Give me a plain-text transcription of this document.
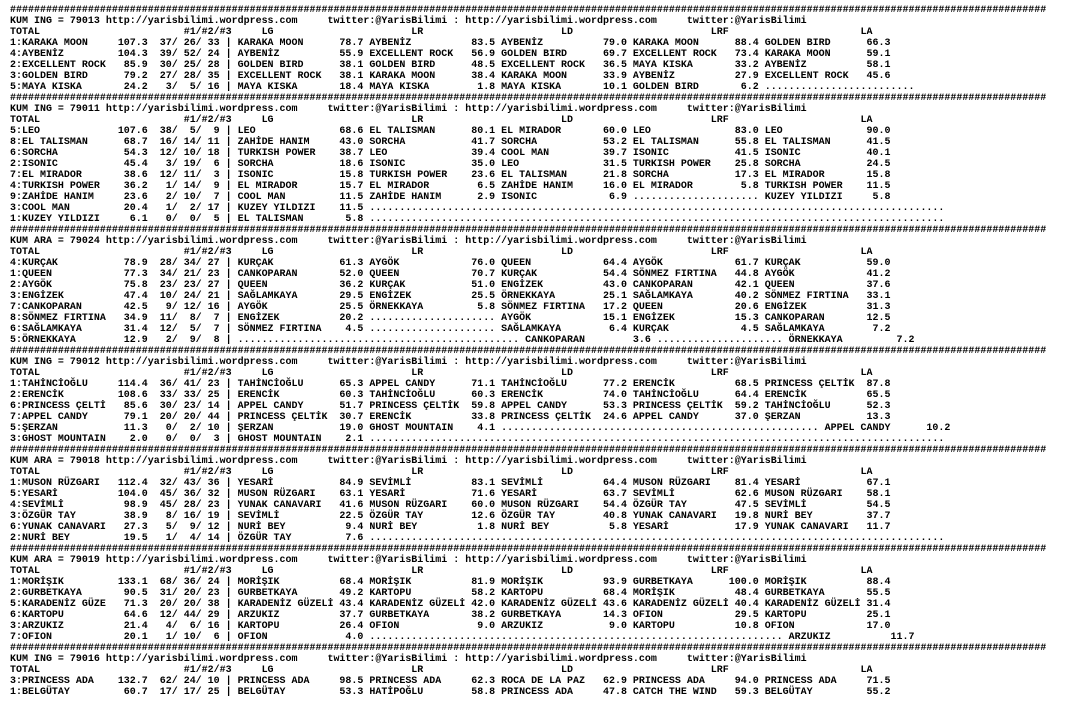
#############################################################################################################################################################################
KUM ING = 79013 http://yarisbilimi.wordpress.com     twitter:@YarisBilimi : http://yarisbilimi.wordpress.com     twitter:@YarisBilimi
TOTAL                        #1/#2/#3     LG                       LR                       LD                       LRF                      LA
1:KARAKA MOON     107.3  37/ 26/ 33 | KARAKA MOON      78.7 AYBENİZ          83.5 AYBENİZ          79.0 KARAKA MOON      88.4 GOLDEN BIRD      66.3
4:AYBENİZ         104.3  39/ 52/ 24 | AYBENİZ          55.9 EXCELLENT ROCK   56.9 GOLDEN BIRD      69.7 EXCELLENT ROCK   73.4 KARAKA MOON      59.1
2:EXCELLENT ROCK   85.9  30/ 25/ 28 | GOLDEN BIRD      38.1 GOLDEN BIRD      48.5 EXCELLENT ROCK   36.5 MAYA KISKA       33.2 AYBENİZ          58.1
3:GOLDEN BIRD      79.2  27/ 28/ 35 | EXCELLENT ROCK   38.1 KARAKA MOON      38.4 KARAKA MOON      33.9 AYBENİZ          27.9 EXCELLENT ROCK   45.6
5:MAYA KISKA       24.2   3/  5/ 16 | MAYA KISKA       18.4 MAYA KISKA        1.8 MAYA KISKA       10.1 GOLDEN BIRD       6.2 .........................
#############################################################################################################################################################################
KUM ING = 79011 http://yarisbilimi.wordpress.com     twitter:@YarisBilimi : http://yarisbilimi.wordpress.com     twitter:@YarisBilimi
TOTAL                        #1/#2/#3     LG                       LR                       LD                       LRF                      LA
5:LEO             107.6  38/  5/  9 | LEO              68.6 EL TALISMAN      80.1 EL MIRADOR       60.0 LEO              83.0 LEO              90.0
8:EL TALISMAN      68.7  16/ 14/ 11 | ZAHİDE HANIM     43.0 SORCHA           41.7 SORCHA           53.2 EL TALISMAN      55.8 EL TALISMAN      41.5
6:SORCHA           54.3  12/ 10/ 18 | TURKISH POWER    38.7 LEO              39.4 COOL MAN         39.7 ISONIC           41.5 ISONIC           40.1
2:ISONIC           45.4   3/ 19/  6 | SORCHA           18.6 ISONIC           35.0 LEO              31.5 TURKISH POWER    25.8 SORCHA           24.5
7:EL MIRADOR       38.6  12/ 11/  3 | ISONIC           15.8 TURKISH POWER    23.6 EL TALISMAN      21.8 SORCHA           17.3 EL MIRADOR       15.8
4:TURKISH POWER    36.2   1/ 14/  9 | EL MIRADOR       15.7 EL MIRADOR        6.5 ZAHİDE HANIM     16.0 EL MIRADOR        5.8 TURKISH POWER    11.5
9:ZAHİDE HANIM     23.6   2/ 10/  7 | COOL MAN         11.5 ZAHİDE HANIM      2.9 ISONIC            6.9 ..................... KUZEY YILDIZI     5.8
3:COOL MAN         20.4   1/  2/ 17 | KUZEY YILDIZI    11.5 ................................................................................................
1:KUZEY YILDIZI     6.1   0/  0/  5 | EL TALISMAN       5.8 ................................................................................................
#############################################################################################################################################################################
KUM ARA = 79024 http://yarisbilimi.wordpress.com     twitter:@YarisBilimi : http://yarisbilimi.wordpress.com     twitter:@YarisBilimi
TOTAL                        #1/#2/#3     LG                       LR                       LD                       LRF                      LA
4:KURÇAK           78.9  28/ 34/ 27 | KURÇAK           61.3 AYGÖK            76.0 QUEEN            64.4 AYGÖK            61.7 KURÇAK           59.0
1:QUEEN            77.3  34/ 21/ 23 | CANKOPARAN       52.0 QUEEN            70.7 KURÇAK           54.4 SÖNMEZ FIRTINA   44.8 AYGÖK            41.2
2:AYGÖK            75.8  23/ 23/ 27 | QUEEN            36.2 KURÇAK           51.0 ENGİZEK          43.0 CANKOPARAN       42.1 QUEEN            37.6
3:ENGİZEK          47.4  10/ 24/ 21 | SAĞLAMKAYA       29.5 ENGİZEK          25.5 ÖRNEKKAYA        25.1 SAĞLAMKAYA       40.2 SÖNMEZ FIRTINA   33.1
7:CANKOPARAN       42.5   9/ 12/ 16 | AYGÖK            25.5 ÖRNEKKAYA         5.8 SÖNMEZ FIRTINA   17.2 QUEEN            20.6 ENGİZEK          31.3
8:SÖNMEZ FIRTINA   34.9  11/  8/  7 | ENGİZEK          20.2 ..................... AYGÖK            15.1 ENGİZEK          15.3 CANKOPARAN       12.5
6:SAĞLAMKAYA       31.4  12/  5/  7 | SÖNMEZ FIRTINA    4.5 ..................... SAĞLAMKAYA        6.4 KURÇAK            4.5 SAĞLAMKAYA        7.2
5:ÖRNEKKAYA        12.9   2/  9/  8 | ............................................... CANKOPARAN        3.6 ..................... ÖRNEKKAYA         7.2
#############################################################################################################################################################################
KUM ING = 79012 http://yarisbilimi.wordpress.com     twitter:@YarisBilimi : http://yarisbilimi.wordpress.com     twitter:@YarisBilimi
TOTAL                        #1/#2/#3     LG                       LR                       LD                       LRF                      LA
1:TAHİNCİOĞLU     114.4  36/ 41/ 23 | TAHİNCİOĞLU      65.3 APPEL CANDY      71.1 TAHİNCİOĞLU      77.2 ERENCİK          68.5 PRINCESS ÇELTİK  87.8
2:ERENCİK         108.6  33/ 33/ 25 | ERENCİK          60.3 TAHİNCİOĞLU      60.3 ERENCİK          74.0 TAHİNCİOĞLU      64.4 ERENCİK          65.5
6:PRINCESS ÇELTİ   85.6  30/ 23/ 14 | APPEL CANDY      51.7 PRINCESS ÇELTİK  59.8 APPEL CANDY      53.3 PRINCESS ÇELTİK  59.2 TAHİNCİOĞLU      52.3
7:APPEL CANDY      79.1  20/ 20/ 44 | PRINCESS ÇELTİK  30.7 ERENCİK          33.8 PRINCESS ÇELTİK  24.6 APPEL CANDY      37.0 ŞERZAN           13.3
5:ŞERZAN           11.3   0/  2/ 10 | ŞERZAN           19.0 GHOST MOUNTAIN    4.1 ..................................................... APPEL CANDY      10.2
3:GHOST MOUNTAIN    2.0   0/  0/  3 | GHOST MOUNTAIN    2.1 ................................................................................................
#############################################################################################################################################################################
KUM ARA = 79018 http://yarisbilimi.wordpress.com     twitter:@YarisBilimi : http://yarisbilimi.wordpress.com     twitter:@YarisBilimi
TOTAL                        #1/#2/#3     LG                       LR                       LD                       LRF                      LA
1:MUSON RÜZGARI   112.4  32/ 43/ 36 | YESARİ           84.9 SEVİMLİ          83.1 SEVİMLİ          64.4 MUSON RÜZGARI    81.4 YESARİ           67.1
5:YESARİ          104.0  45/ 36/ 32 | MUSON RÜZGARI    63.1 YESARİ           71.6 YESARİ           63.7 SEVİMLİ          62.6 MUSON RÜZGARI    58.1
4:SEVİMLİ          98.9  45/ 28/ 23 | YUNAK CANAVARI   41.6 MUSON RÜZGARI    60.0 MUSON RÜZGARI    54.4 ÖZGÜR TAY        47.5 SEVİMLİ          54.5
3:ÖZGÜR TAY        38.9   8/ 16/ 19 | SEVİMLİ          22.5 ÖZGÜR TAY        12.6 ÖZGÜR TAY        40.8 YUNAK CANAVARI   19.8 NURİ BEY         37.7
6:YUNAK CANAVARI   27.3   5/  9/ 12 | NURİ BEY          9.4 NURİ BEY          1.8 NURİ BEY          5.8 YESARİ           17.9 YUNAK CANAVARI   11.7
2:NURİ BEY         19.5   1/  4/ 14 | ÖZGÜR TAY         7.6 ................................................................................................
#############################################################################################################################################################################
KUM ARA = 79019 http://yarisbilimi.wordpress.com     twitter:@YarisBilimi : http://yarisbilimi.wordpress.com     twitter:@YarisBilimi
TOTAL                        #1/#2/#3     LG                       LR                       LD                       LRF                      LA
1:MORİŞIK         133.1  68/ 36/ 24 | MORİŞIK          68.4 MORİŞIK          81.9 MORİŞIK          93.9 GURBETKAYA      100.0 MORİŞIK          88.4
2:GURBETKAYA       90.5  31/ 20/ 23 | GURBETKAYA       49.2 KARTOPU          58.2 KARTOPU          68.4 MORİŞIK          48.4 GURBETKAYA       55.5
5:KARADENİZ GÜZE   71.3  20/ 20/ 38 | KARADENİZ GÜZELİ 43.4 KARADENİZ GÜZELİ 42.0 KARADENİZ GÜZELİ 43.6 KARADENİZ GÜZELİ 40.4 KARADENİZ GÜZELİ 31.4
6:KARTOPU          64.6  12/ 44/ 29 | ARZUKIZ          37.7 GURBETKAYA       38.2 GURBETKAYA       14.3 OFION            29.5 KARTOPU          25.1
3:ARZUKIZ          21.4   4/  6/ 16 | KARTOPU          26.4 OFION             9.0 ARZUKIZ           9.0 KARTOPU          10.8 OFION            17.0
7:OFION            20.1   1/ 10/  6 | OFION             4.0 ..................................................................... ARZUKIZ          11.7
#############################################################################################################################################################################
KUM ING = 79016 http://yarisbilimi.wordpress.com     twitter:@YarisBilimi : http://yarisbilimi.wordpress.com     twitter:@YarisBilimi
TOTAL                        #1/#2/#3     LG                       LR                       LD                       LRF                      LA
3:PRINCESS ADA    132.7  62/ 24/ 10 | PRINCESS ADA     98.5 PRINCESS ADA     62.3 ROCA DE LA PAZ   62.9 PRINCESS ADA     94.0 PRINCESS ADA     71.5
1:BELGÜTAY         60.7  17/ 17/ 25 | BELGÜTAY         53.3 HATİPOĞLU        58.8 PRINCESS ADA     47.8 CATCH THE WIND   59.3 BELGÜTAY         55.2
